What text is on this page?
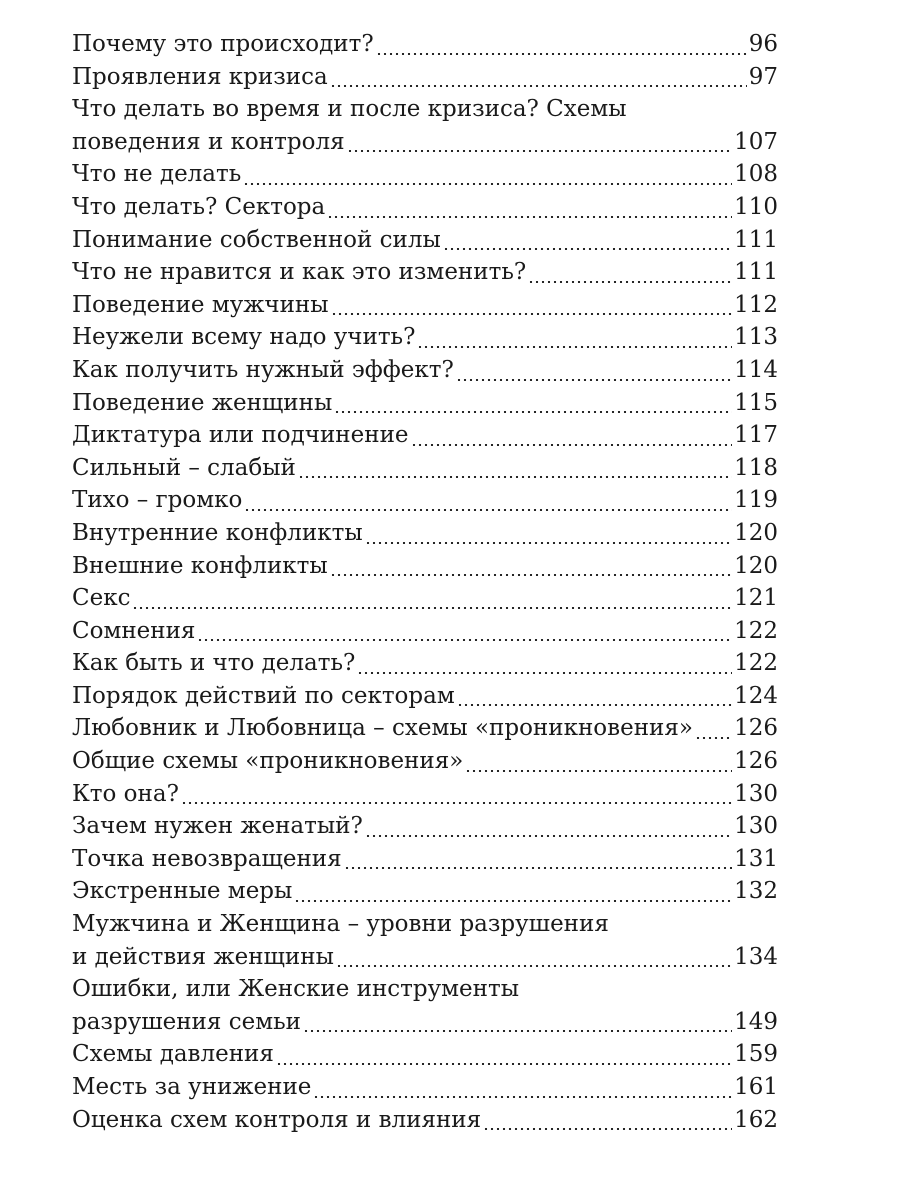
Почему это происходит?	96
Проявления кризиса	97
Что делать во время и после кризиса? Схемы
поведения и контроля	107
Что не делать	108
Что делать? Сектора	110
Понимание собственной силы	111
Что не нравится и как это изменить?	111
Поведение мужчины	112
Неужели всему надо учить?	113
Как получить нужный эффект?	114
Поведение женщины	115
Диктатура или подчинение	117
Сильный – слабый	118
Тихо – громко	119
Внутренние конфликты	120
Внешние конфликты	120
Секс	121
Сомнения	122
Как быть и что делать?	122
Порядок действий по секторам	124
Любовник и Любовница – схемы «проникновения» 126
Общие схемы «проникновения»	126
Кто она?	130
Зачем нужен женатый?	130
Точка невозвращения	131
Экстренные меры	132
Мужчина и Женщина – уровни разрушения
и действия женщины	134
Ошибки, или Женские инструменты
разрушения семьи	149
Схемы давления	159
Месть за унижение	161
Оценка схем контроля и влияния	162
